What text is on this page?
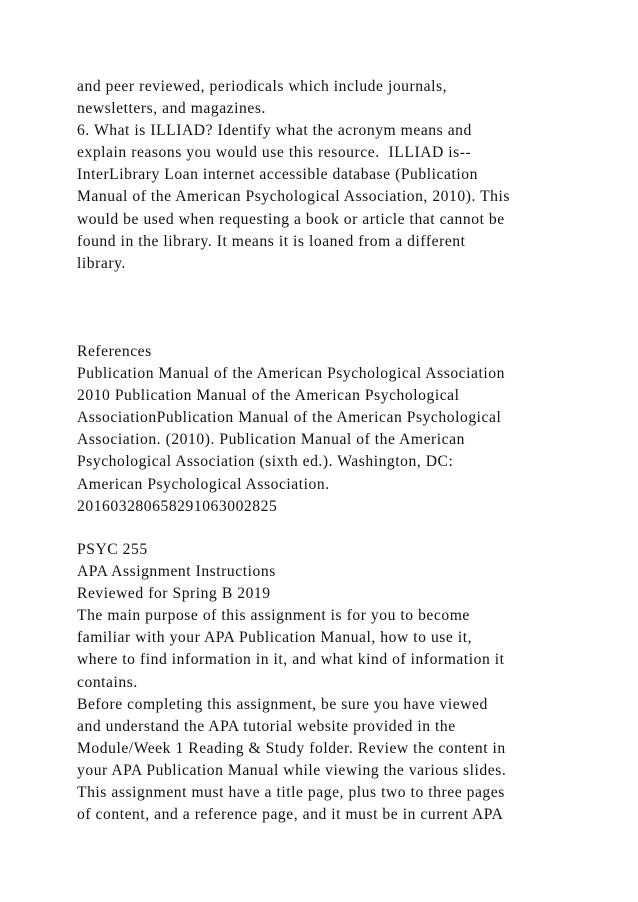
and peer reviewed, periodicals which include journals,
newsletters, and magazines.
6. What is ILLIAD? Identify what the acronym means and
explain reasons you would use this resource.  ILLIAD is--
InterLibrary Loan internet accessible database (Publication
Manual of the American Psychological Association, 2010). This
would be used when requesting a book or article that cannot be
found in the library. It means it is loaned from a different
library.
References
Publication Manual of the American Psychological Association
2010 Publication Manual of the American Psychological
AssociationPublication Manual of the American Psychological
Association. (2010). Publication Manual of the American
Psychological Association (sixth ed.). Washington, DC:
American Psychological Association.
20160328065829106300282​5
PSYC 255
APA Assignment Instructions
Reviewed for Spring B 2019
The main purpose of this assignment is for you to become
familiar with your APA Publication Manual, how to use it,
where to find information in it, and what kind of information it
contains.
Before completing this assignment, be sure you have viewed
and understand the APA tutorial website provided in the
Module/Week 1 Reading & Study folder. Review the content in
your APA Publication Manual while viewing the various slides.
This assignment must have a title page, plus two to three pages
of content, and a reference page, and it must be in current APA
